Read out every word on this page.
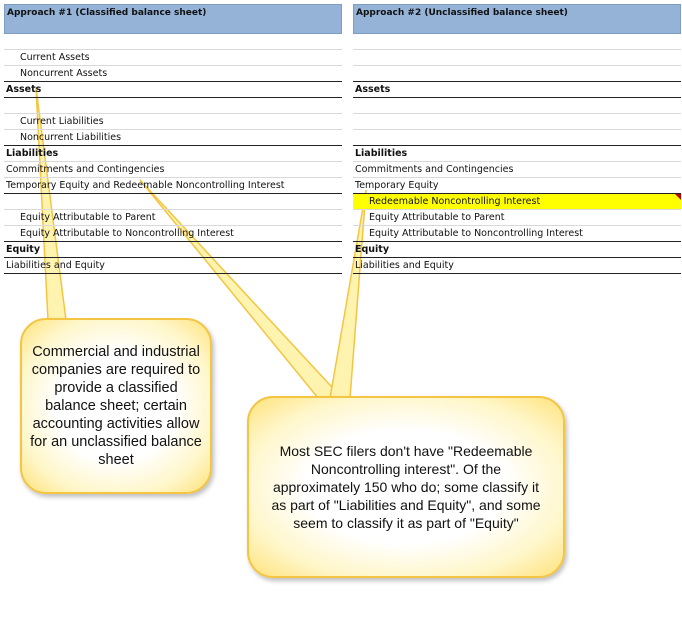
Approach #1 (Classified balance sheet)

Current Assets
Noncurrent Assets
Assets

Current Liabilities
Noncurrent Liabilities
Liabilities
Commitments and Contingencies
Temporary Equity and Redeemable Noncontrolling Interest

Equity Attributable to Parent
Equity Attributable to Noncontrolling Interest
Equity
Liabilities and Equity
Approach #2 (Unclassified balance sheet)

Assets

Liabilities
Commitments and Contingencies
Temporary Equity
Redeemable Noncontrolling Interest
Equity Attributable to Parent
Equity Attributable to Noncontrolling Interest
Equity
Liabilities and Equity
Commercial and industrial companies are required to provide a classified balance sheet; certain accounting activities allow for an unclassified balance sheet
Most SEC filers don't have "Redeemable Noncontrolling interest". Of the approximately 150 who do; some classify it as part of "Liabilities and Equity", and some seem to classify it as part of "Equity"
